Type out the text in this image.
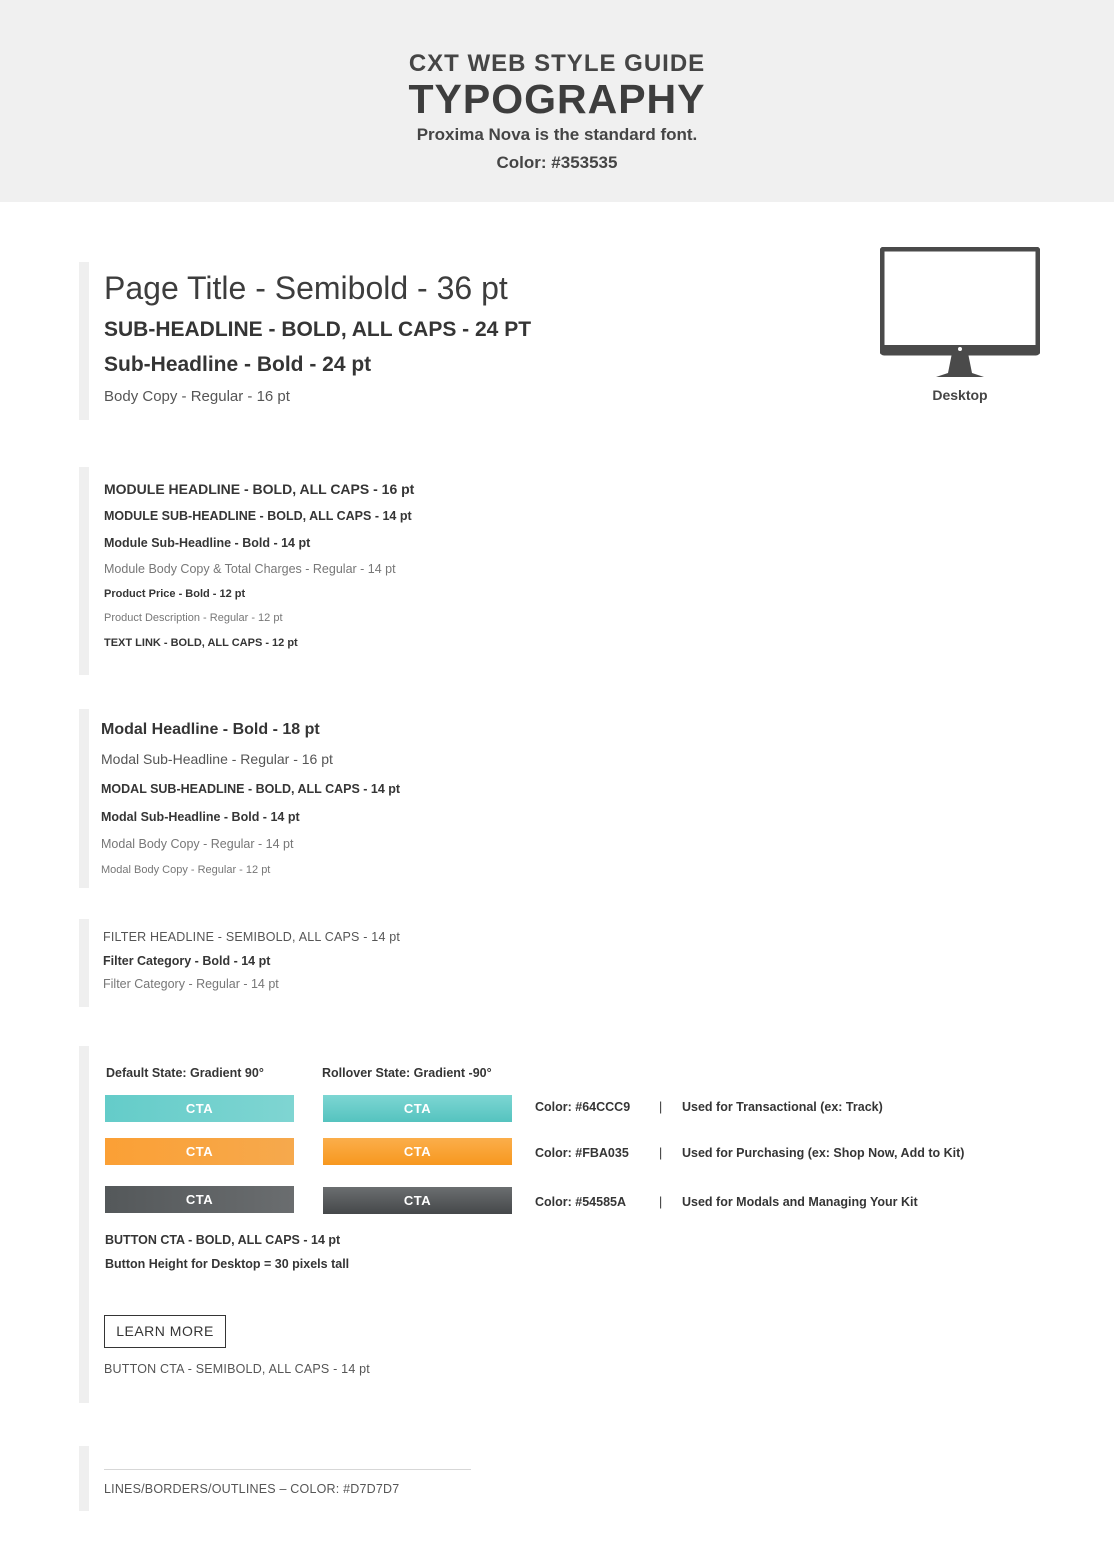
CXT WEB STYLE GUIDE
TYPOGRAPHY
Proxima Nova is the standard font.
Color: #353535
Page Title - Semibold - 36 pt
SUB-HEADLINE - BOLD, ALL CAPS - 24 PT
Sub-Headline - Bold - 24 pt
Body Copy - Regular - 16 pt	Desktop
MODULE HEADLINE - BOLD, ALL CAPS - 16 pt
MODULE SUB-HEADLINE - BOLD, ALL CAPS - 14 pt
Module Sub-Headline - Bold - 14 pt
Module Body Copy & Total Charges - Regular - 14 pt
Product Price - Bold - 12 pt
Product Description - Regular - 12 pt
TEXT LINK - BOLD, ALL CAPS - 12 pt
Modal Headline - Bold - 18 pt
Modal Sub-Headline - Regular - 16 pt
MODAL SUB-HEADLINE - BOLD, ALL CAPS - 14 pt
Modal Sub-Headline - Bold - 14 pt
Modal Body Copy - Regular - 14 pt
Modal Body Copy - Regular - 12 pt
FILTER HEADLINE - SEMIBOLD, ALL CAPS - 14 pt
Filter Category - Bold - 14 pt
Filter Category - Regular - 14 pt
Default State: Gradient 90°	Rollover State: Gradient -90°
CTA	CTA	Color: #64CCC9 | Used for Transactional (ex: Track)
CTA	CTA	Color: #FBA035 | Used for Purchasing (ex: Shop Now, Add to Kit)
CTA	CTA	Color: #54585A	| Used for Modals and Managing Your Kit
BUTTON CTA - BOLD, ALL CAPS - 14 pt
Button Height for Desktop = 30 pixels tall
LEARN MORE
BUTTON CTA - SEMIBOLD, ALL CAPS - 14 pt
LINES/BORDERS/OUTLINES – COLOR: #D7D7D7
